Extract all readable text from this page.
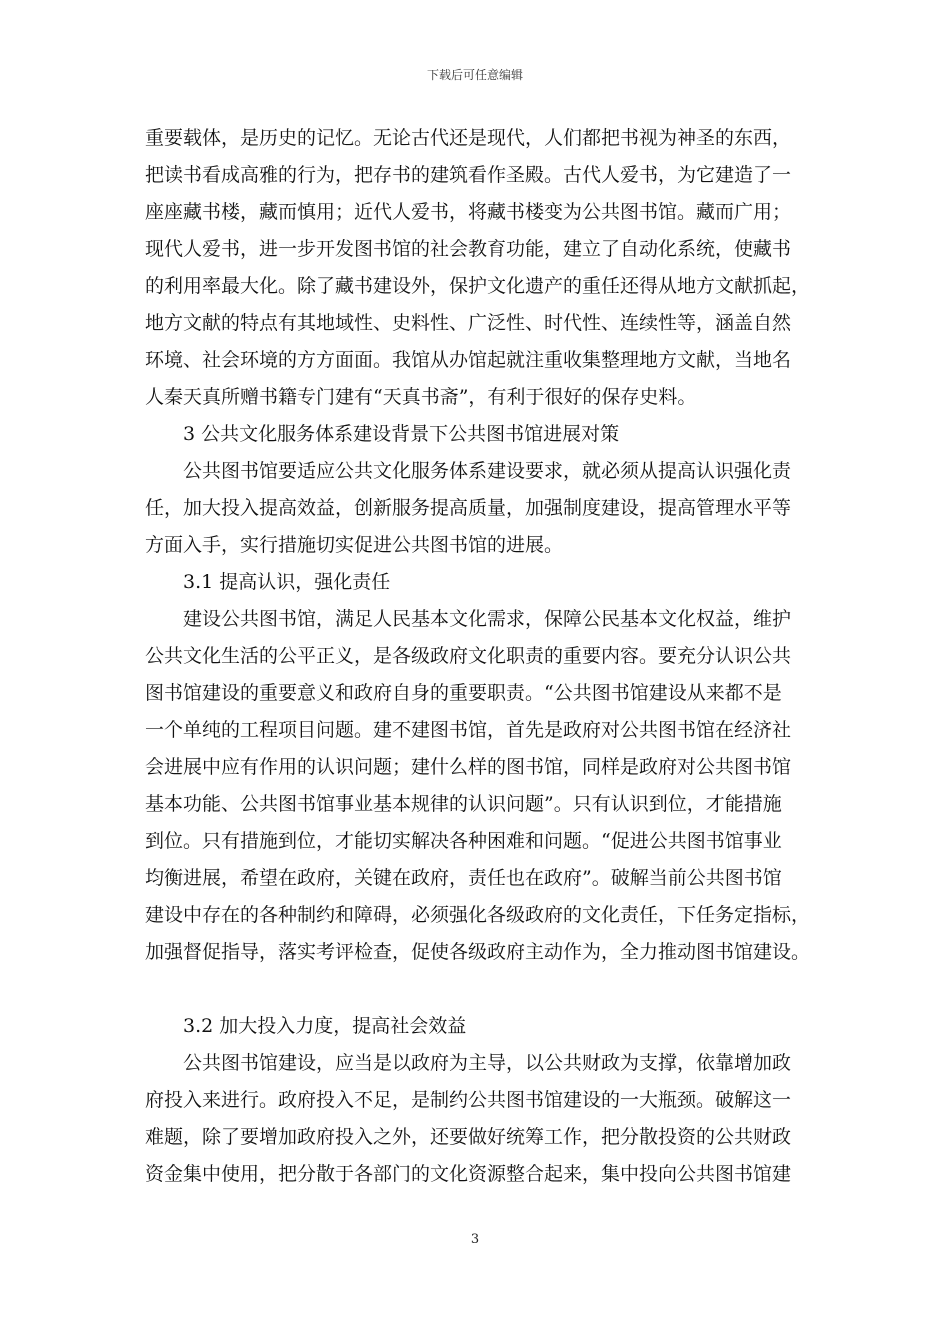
下载后可任意编辑
重要载体，是历史的记忆。无论古代还是现代，人们都把书视为神圣的东西，
把读书看成高雅的行为，把存书的建筑看作圣殿。古代人爱书，为它建造了一
座座藏书楼，藏而慎用；近代人爱书，将藏书楼变为公共图书馆。藏而广用；
现代人爱书，进一步开发图书馆的社会教育功能，建立了自动化系统，使藏书
的利用率最大化。除了藏书建设外，保护文化遗产的重任还得从地方文献抓起，
地方文献的特点有其地域性、史料性、广泛性、时代性、连续性等，涵盖自然
环境、社会环境的方方面面。我馆从办馆起就注重收集整理地方文献，当地名
人秦天真所赠书籍专门建有“天真书斋”，有利于很好的保存史料。
3 公共文化服务体系建设背景下公共图书馆进展对策
公共图书馆要适应公共文化服务体系建设要求，就必须从提高认识强化责
任，加大投入提高效益，创新服务提高质量，加强制度建设，提高管理水平等
方面入手，实行措施切实促进公共图书馆的进展。
3.1 提高认识，强化责任
建设公共图书馆，满足人民基本文化需求，保障公民基本文化权益，维护
公共文化生活的公平正义，是各级政府文化职责的重要内容。要充分认识公共
图书馆建设的重要意义和政府自身的重要职责。“公共图书馆建设从来都不是
一个单纯的工程项目问题。建不建图书馆，首先是政府对公共图书馆在经济社
会进展中应有作用的认识问题；建什么样的图书馆，同样是政府对公共图书馆
基本功能、公共图书馆事业基本规律的认识问题”。只有认识到位，才能措施
到位。只有措施到位，才能切实解决各种困难和问题。“促进公共图书馆事业
均衡进展，希望在政府，关键在政府，责任也在政府”。破解当前公共图书馆
建设中存在的各种制约和障碍，必须强化各级政府的文化责任，下任务定指标，
加强督促指导，落实考评检查，促使各级政府主动作为，全力推动图书馆建设。
3.2 加大投入力度，提高社会效益
公共图书馆建设，应当是以政府为主导，以公共财政为支撑，依靠增加政
府投入来进行。政府投入不足，是制约公共图书馆建设的一大瓶颈。破解这一
难题，除了要增加政府投入之外，还要做好统筹工作，把分散投资的公共财政
资金集中使用，把分散于各部门的文化资源整合起来，集中投向公共图书馆建
3
